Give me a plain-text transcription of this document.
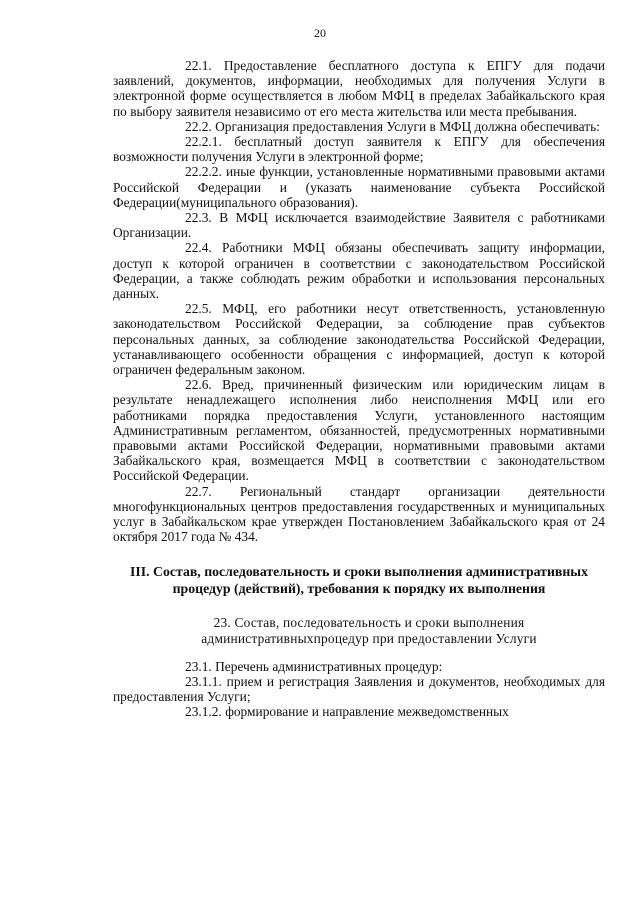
20

22.1. Предоставление бесплатного доступа к ЕПГУ для подачи заявлений, документов, информации, необходимых для получения Услуги в электронной форме осуществляется в любом МФЦ в пределах Забайкальского края по выбору заявителя независимо от его места жительства или места пребывания.

22.2. Организация предоставления Услуги в МФЦ должна обеспечивать:

22.2.1. бесплатный доступ заявителя к ЕПГУ для обеспечения возможности получения Услуги в электронной форме;

22.2.2. иные функции, установленные нормативными правовыми актами Российской Федерации и (указать наименование субъекта Российской Федерации(муниципального образования).

22.3. В МФЦ исключается взаимодействие Заявителя с работниками Организации.

22.4. Работники МФЦ обязаны обеспечивать защиту информации, доступ к которой ограничен в соответствии с законодательством Российской Федерации, а также соблюдать режим обработки и использования персональных данных.

22.5. МФЦ, его работники несут ответственность, установленную законодательством Российской Федерации, за соблюдение прав субъектов персональных данных, за соблюдение законодательства Российской Федерации, устанавливающего особенности обращения с информацией, доступ к которой ограничен федеральным законом.

22.6. Вред, причиненный физическим или юридическим лицам в результате ненадлежащего исполнения либо неисполнения МФЦ или его работниками порядка предоставления Услуги, установленного настоящим Административным регламентом, обязанностей, предусмотренных нормативными правовыми актами Российской Федерации, нормативными правовыми актами Забайкальского края, возмещается МФЦ в соответствии с законодательством Российской Федерации.

22.7. Региональный стандарт организации деятельности многофункциональных центров предоставления государственных и муниципальных услуг в Забайкальском крае утвержден Постановлением Забайкальского края от 24 октября 2017 года № 434.

III. Состав, последовательность и сроки выполнения административных процедур (действий), требования к порядку их выполнения
23. Состав, последовательность и сроки выполнения административныхпроцедур при предоставлении Услуги

23.1. Перечень административных процедур:

23.1.1. прием и регистрация Заявления и документов, необходимых для предоставления Услуги;

23.1.2. формирование и направление межведомственных
